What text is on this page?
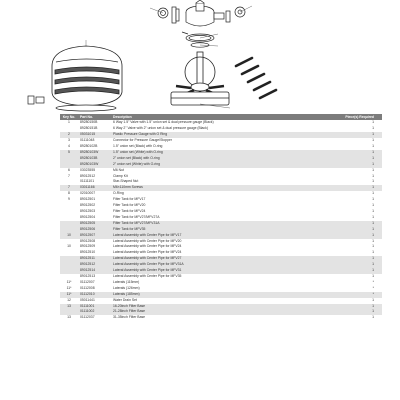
Key No.	Part No.	Description	Piece(s) Required
1	89280150B	6 Way 1.5" Valve with 1.5" union set & dual pressure gauge (Black)	1
	89280151B	6 Way 2" Valve with 2" union set & dual pressure gauge (Black)	1
2	05031015	Plastic Pressure Gauge with O Ring	1
3	01111048	Connector for Pressure Gauge/Stopper	1
4	89280102B	1.5" union set (Black) with O-ring	1
5	89280103W	1.5" union set (White) with O-ring	1
	89280103B	2" union set (Black) with O-ring	1
	89280103W	2" union set (White) with O-ring	1
6	03023555	M6 Nut	1
7	89012512	Clamp Kit	1
	01111101	Star-Shaped Nut	1
7	03011166	M6×110mm Screws	1
8	02010007	O-Ring	1
9	89012501	Filter Tank for MFV17	1
	89012502	Filter Tank for MFV20	1
	89012503	Filter Tank for MFV24	1
	89012504	Filter Tank for MFV27/MFV27A	1
	89012505	Filter Tank for MFV27/MFV31A	1
	89012506	Filter Tank for MFV35	1
10	89012507	Lateral Assembly with Center Pipe for MFV17	1
	89012508	Lateral Assembly with Center Pipe for MFV20	1
10	89012509	Lateral Assembly with Center Pipe for MFV24	1
	89012510	Lateral Assembly with Center Pipe for MFV24	1
	89012511	Lateral Assembly with Center Pipe for MFV27	1
	89012512	Lateral Assembly with Center Pipe for MFV31A	1
	89012514	Lateral Assembly with Center Pipe for MFV31	1
	89012513	Lateral Assembly with Center Pipe for MFV35	1
11*	01112007	Laterals (115mm)	*
11*	01112008	Laterals (126mm)	*
11*	01112010	Laterals (185mm)	*
12	05011441	Water Drain Set	1
13	01111001	16-20inch Filter Base	1
	01111002	21-28inch Filter Base	1
13	01112037	31-35inch Filter Base	1
